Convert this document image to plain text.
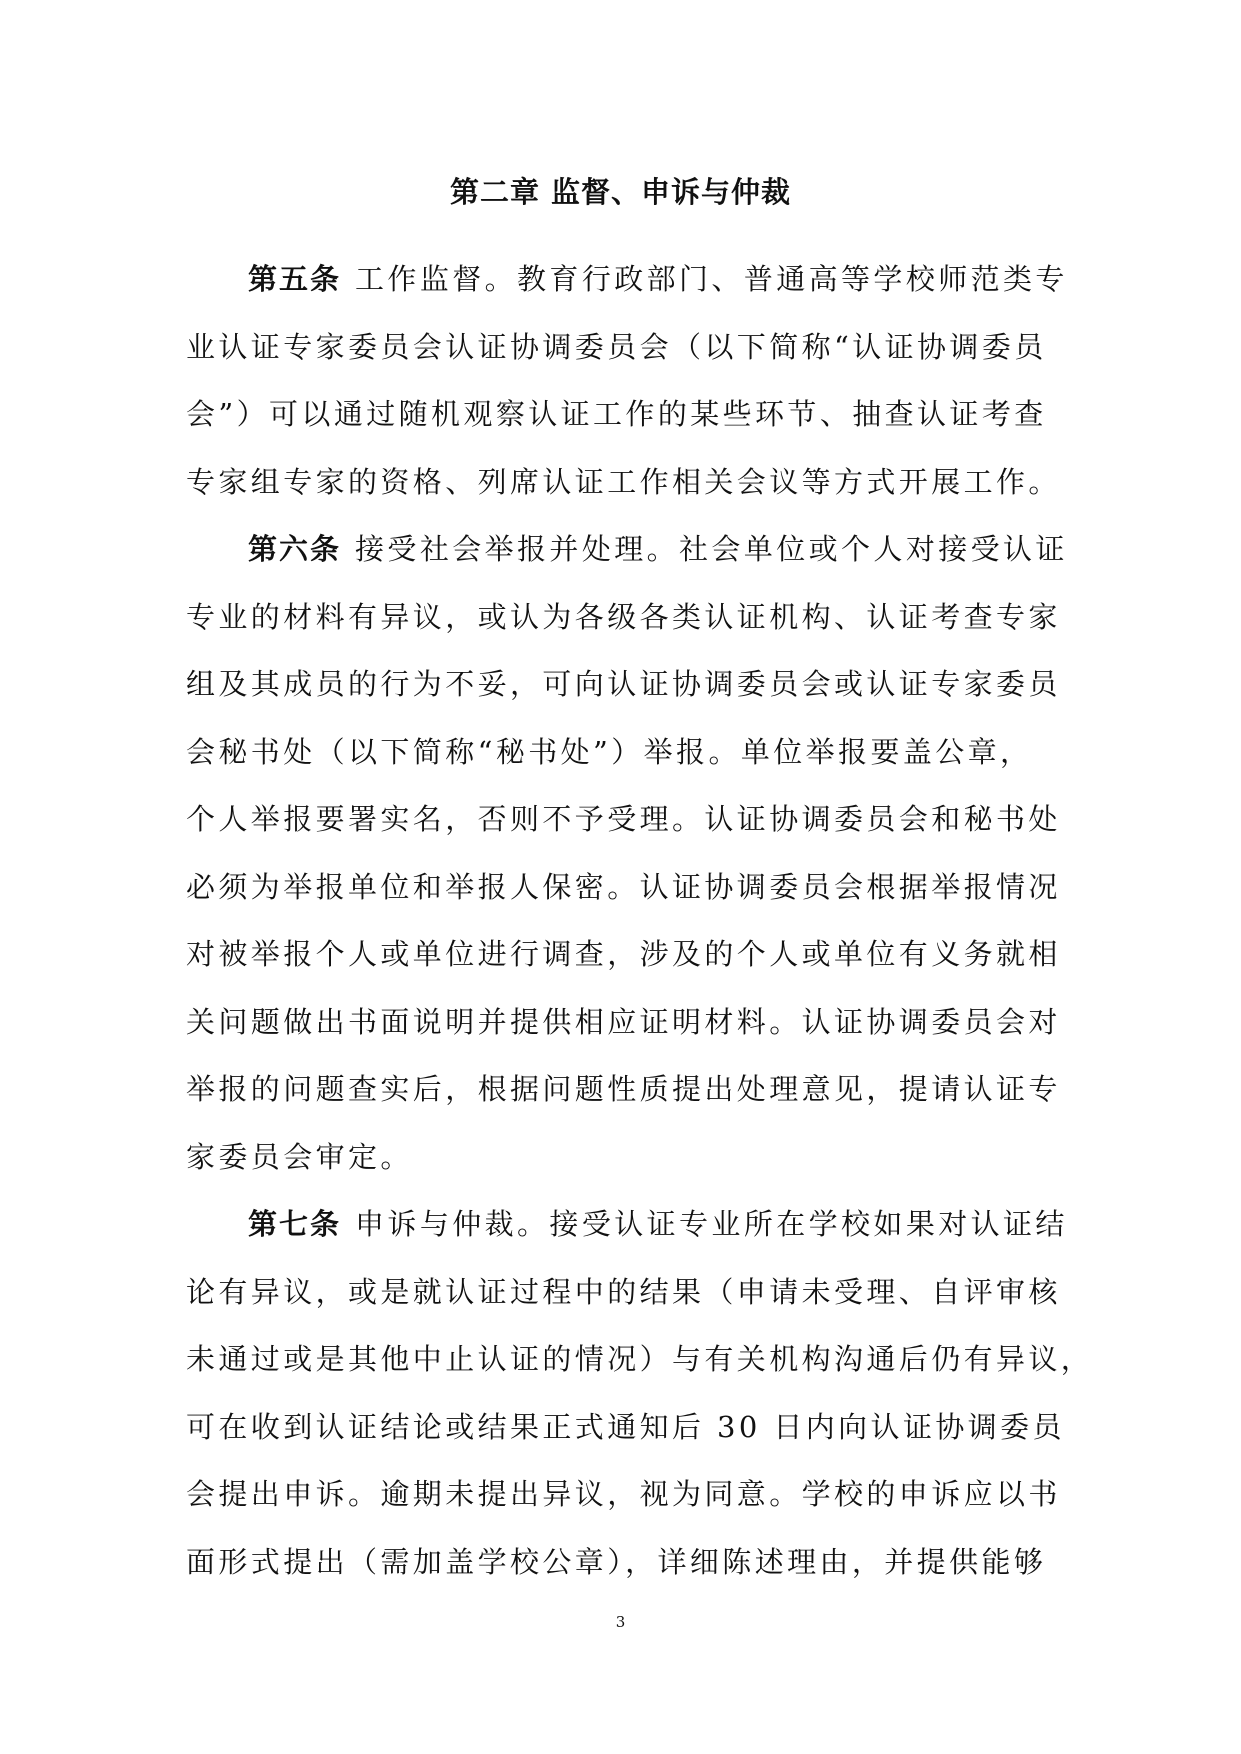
第二章 监督、申诉与仲裁
第五条 工作监督。教育行政部门、普通高等学校师范类专
业认证专家委员会认证协调委员会（以下简称“认证协调委员
会”）可以通过随机观察认证工作的某些环节、抽查认证考查
专家组专家的资格、列席认证工作相关会议等方式开展工作。
第六条 接受社会举报并处理。社会单位或个人对接受认证
专业的材料有异议，或认为各级各类认证机构、认证考查专家
组及其成员的行为不妥，可向认证协调委员会或认证专家委员
会秘书处（以下简称“秘书处”）举报。单位举报要盖公章，
个人举报要署实名，否则不予受理。认证协调委员会和秘书处
必须为举报单位和举报人保密。认证协调委员会根据举报情况
对被举报个人或单位进行调查，涉及的个人或单位有义务就相
关问题做出书面说明并提供相应证明材料。认证协调委员会对
举报的问题查实后，根据问题性质提出处理意见，提请认证专
家委员会审定。
第七条 申诉与仲裁。接受认证专业所在学校如果对认证结
论有异议，或是就认证过程中的结果（申请未受理、自评审核
未通过或是其他中止认证的情况）与有关机构沟通后仍有异议，
可在收到认证结论或结果正式通知后 30 日内向认证协调委员
会提出申诉。逾期未提出异议，视为同意。学校的申诉应以书
面形式提出（需加盖学校公章），详细陈述理由，并提供能够
3
